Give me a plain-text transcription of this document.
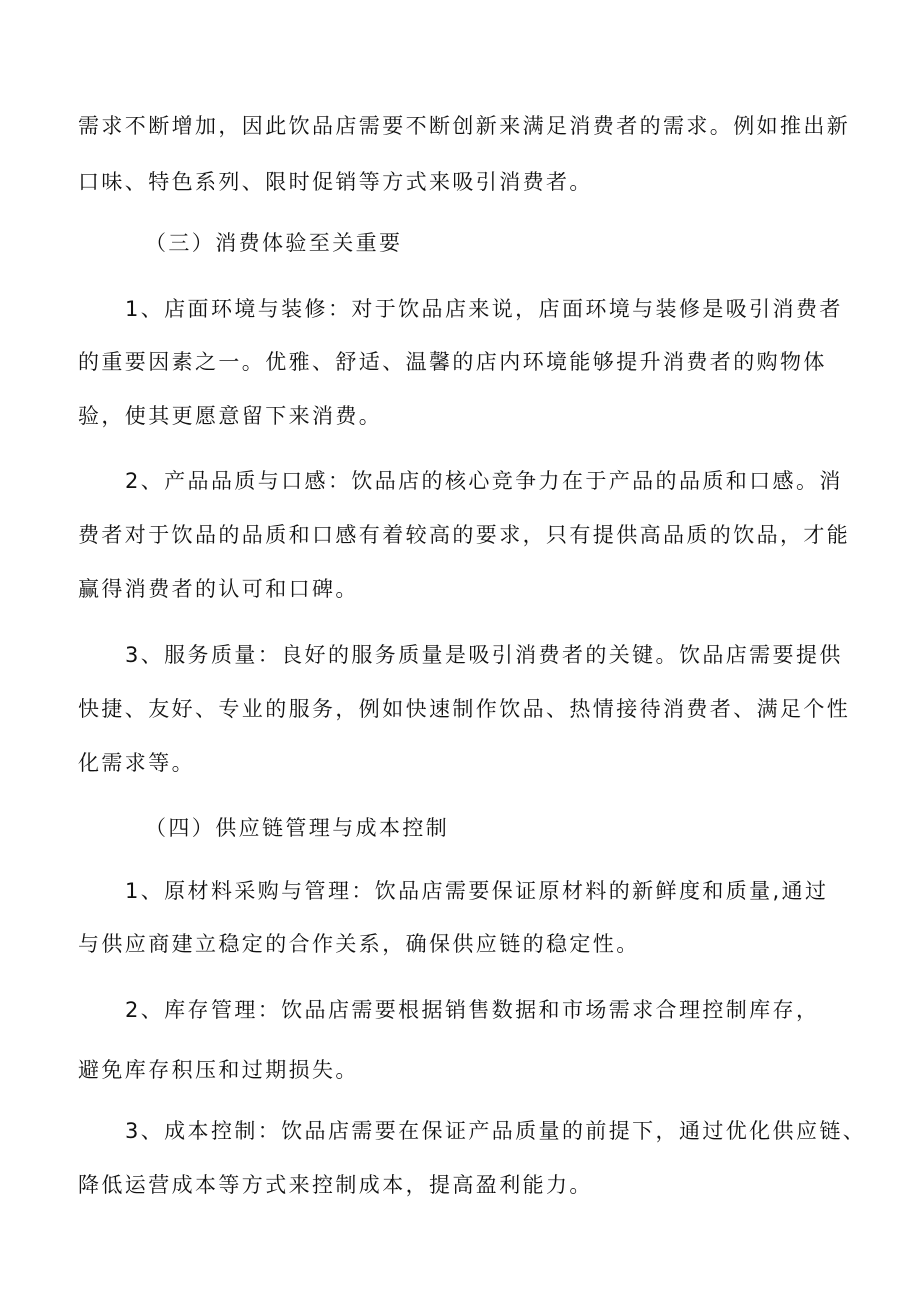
需求不断增加，因此饮品店需要不断创新来满足消费者的需求。例如推出新
口味、特色系列、限时促销等方式来吸引消费者。
（三）消费体验至关重要
1、店面环境与装修：对于饮品店来说，店面环境与装修是吸引消费者
的重要因素之一。优雅、舒适、温馨的店内环境能够提升消费者的购物体
验，使其更愿意留下来消费。
2、产品品质与口感：饮品店的核心竞争力在于产品的品质和口感。消
费者对于饮品的品质和口感有着较高的要求，只有提供高品质的饮品，才能
赢得消费者的认可和口碑。
3、服务质量：良好的服务质量是吸引消费者的关键。饮品店需要提供
快捷、友好、专业的服务，例如快速制作饮品、热情接待消费者、满足个性
化需求等。
（四）供应链管理与成本控制
1、原材料采购与管理：饮品店需要保证原材料的新鲜度和质量,通过
与供应商建立稳定的合作关系，确保供应链的稳定性。
2、库存管理：饮品店需要根据销售数据和市场需求合理控制库存，
避免库存积压和过期损失。
3、成本控制：饮品店需要在保证产品质量的前提下，通过优化供应链、
降低运营成本等方式来控制成本，提高盈利能力。
